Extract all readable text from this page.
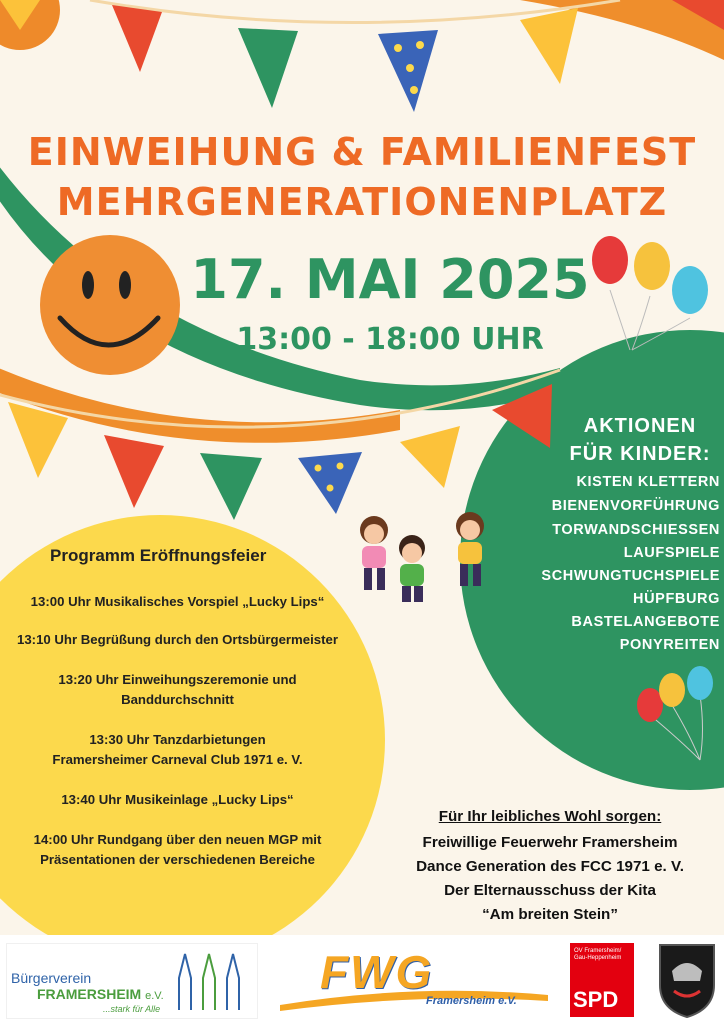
EINWEIHUNG & FAMILIENFEST
MEHRGENERATIONENPLATZ
17. MAI 2025
13:00 - 18:00 UHR
AKTIONEN
FÜR KINDER:
KISTEN KLETTERN
BIENENVORFÜHRUNG
TORWANDSCHIESSEN
LAUFSPIELE
SCHWUNGTUCHSPIELE
HÜPFBURG
BASTELANGEBOTE
PONYREITEN
Programm Eröffnungsfeier
13:00 Uhr Musikalisches Vorspiel „Lucky Lips“
13:10 Uhr Begrüßung durch den Ortsbürgermeister
13:20 Uhr Einweihungszeremonie und
Banddurchschnitt
13:30 Uhr Tanzdarbietungen
Framersheimer Carneval Club 1971 e. V.
13:40 Uhr Musikeinlage „Lucky Lips“
14:00 Uhr Rundgang über den neuen MGP mit
Präsentationen der verschiedenen Bereiche
Für Ihr leibliches Wohl sorgen:
Freiwillige Feuerwehr Framersheim
Dance Generation des FCC 1971 e. V.
Der Elternausschuss der Kita
“Am breiten Stein”
Bürgerverein
FRAMERSHEIM e.V.
...stark für Alle
FWG
Framersheim e.V.
OV Framersheim/
Gau-Heppenheim
SPD
